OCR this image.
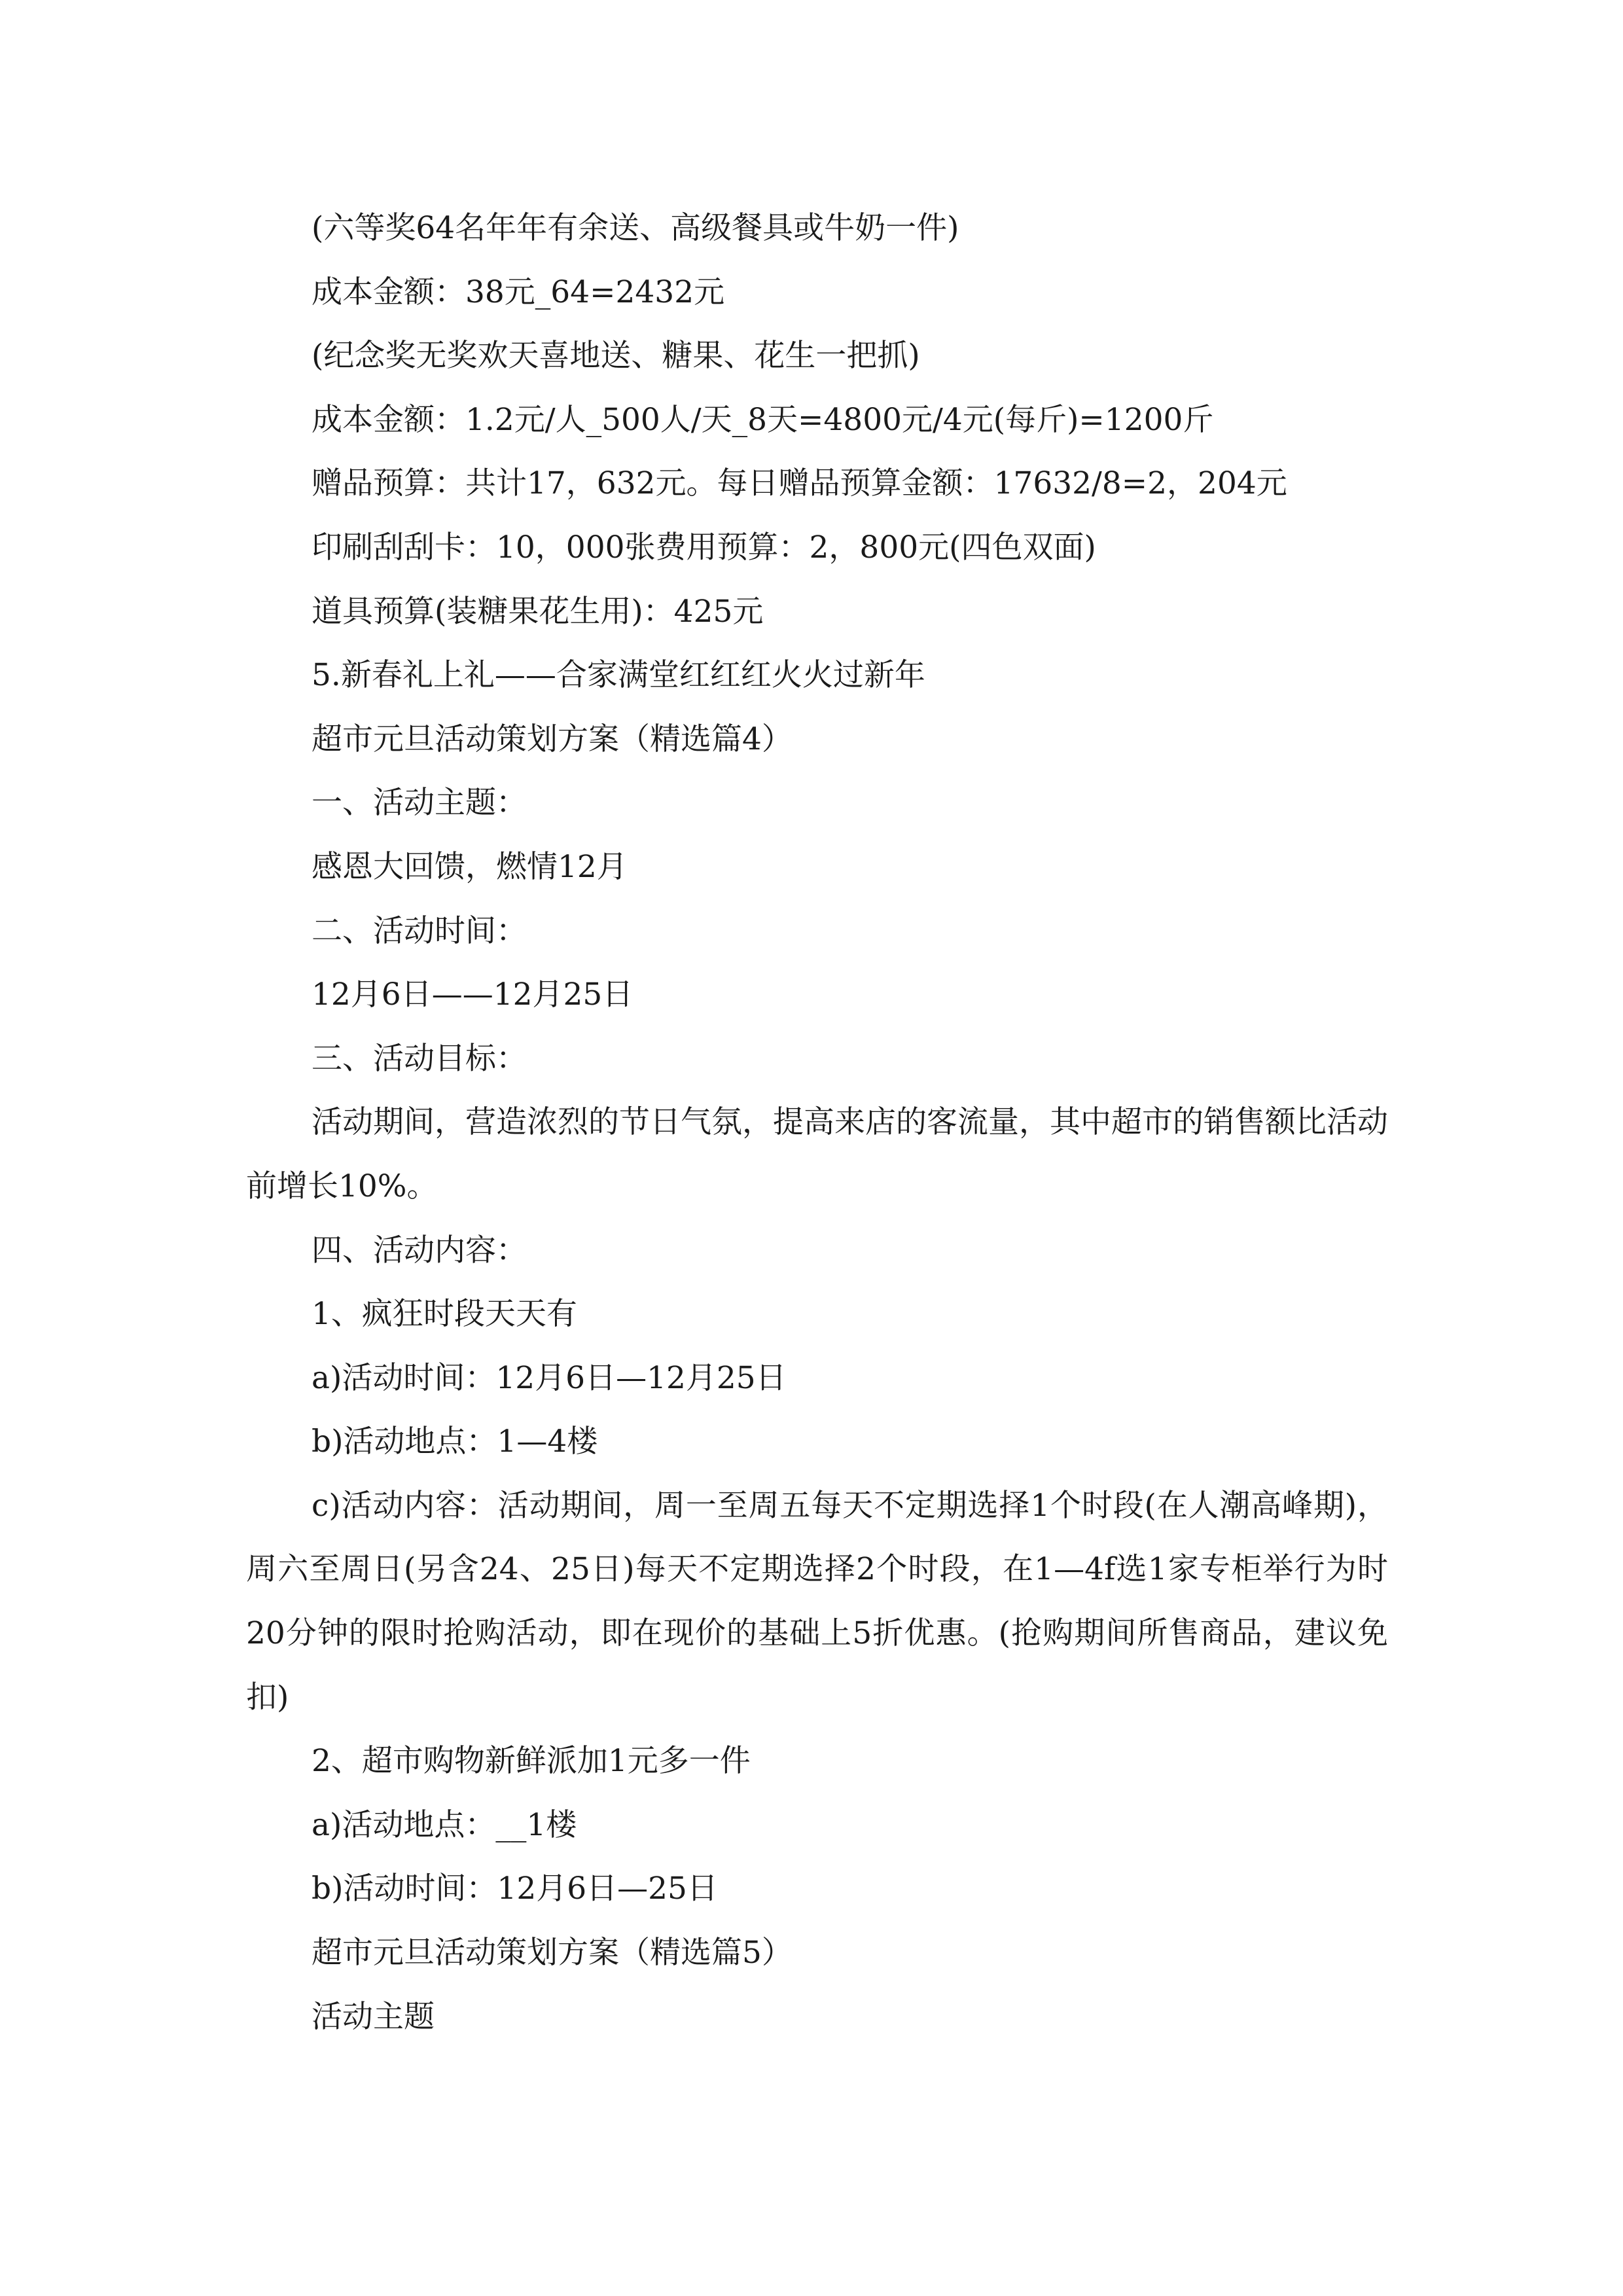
(六等奖64名年年有余送、高级餐具或牛奶一件)

成本金额：38元_64=2432元

(纪念奖无奖欢天喜地送、糖果、花生一把抓)

成本金额：1.2元/人_500人/天_8天=4800元/4元(每斤)=1200斤

赠品预算：共计17，632元。每日赠品预算金额：17632/8=2，204元

印刷刮刮卡：10，000张费用预算：2，800元(四色双面)

道具预算(装糖果花生用)：425元

5.新春礼上礼——合家满堂红红红火火过新年

超市元旦活动策划方案（精选篇4）

一、活动主题：

感恩大回馈，燃情12月

二、活动时间：

12月6日——12月25日

三、活动目标：

活动期间，营造浓烈的节日气氛，提高来店的客流量，其中超市的销售额比活动前增长10%。

四、活动内容：

1、疯狂时段天天有

a)活动时间：12月6日—12月25日

b)活动地点：1—4楼

c)活动内容：活动期间，周一至周五每天不定期选择1个时段(在人潮高峰期)，周六至周日(另含24、25日)每天不定期选择2个时段，在1—4f选1家专柜举行为时20分钟的限时抢购活动，即在现价的基础上5折优惠。(抢购期间所售商品，建议免扣)

2、超市购物新鲜派加1元多一件

a)活动地点：__1楼

b)活动时间：12月6日—25日

超市元旦活动策划方案（精选篇5）

活动主题
